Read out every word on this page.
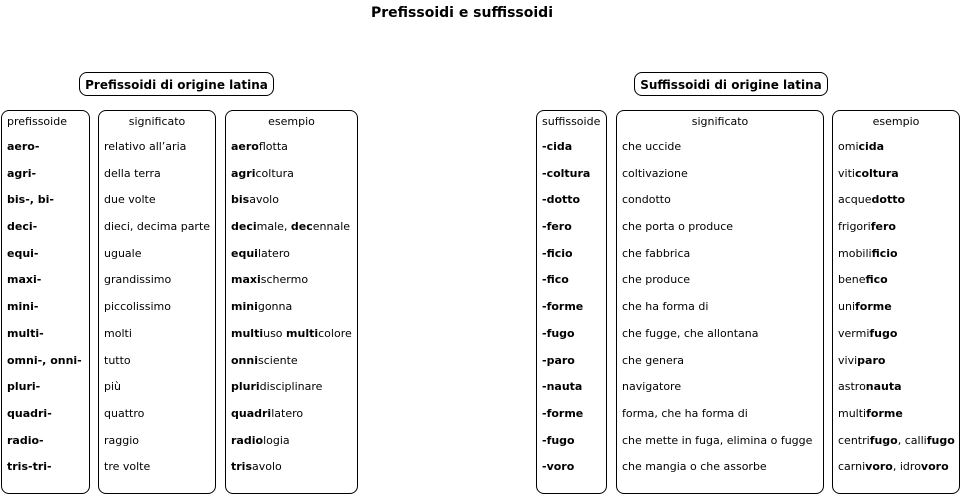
Prefissoidi e suffissoidi
Prefissoidi di origine latina
prefissoide
aero-
agri-
bis-, bi-
deci-
equi-
maxi-
mini-
multi-
omni-, onni-
pluri-
quadri-
radio-
tris-tri-
significato
relativo all’aria
della terra
due volte
dieci, decima parte
uguale
grandissimo
piccolissimo
molti
tutto
più
quattro
raggio
tre volte
esempio
aeroflotta
agricoltura
bisavolo
decimale, decennale
equilatero
maxischermo
minigonna
multiuso multicolore
onnisciente
pluridisciplinare
quadrilatero
radiologia
trisavolo
Suffissoidi di origine latina
suffissoide
-cida
-coltura
-dotto
-fero
-ficio
-fico
-forme
-fugo
-paro
-nauta
-forme
-fugo
-voro
significato
che uccide
coltivazione
condotto
che porta o produce
che fabbrica
che produce
che ha forma di
che fugge, che allontana
che genera
navigatore
forma, che ha forma di
che mette in fuga, elimina o fugge
che mangia o che assorbe
esempio
omicida
viticoltura
acquedotto
frigorifero
mobilificio
benefico
uniforme
vermifugo
viviparo
astronauta
multiforme
centrifugo, callifugo
carnivoro, idrovoro
